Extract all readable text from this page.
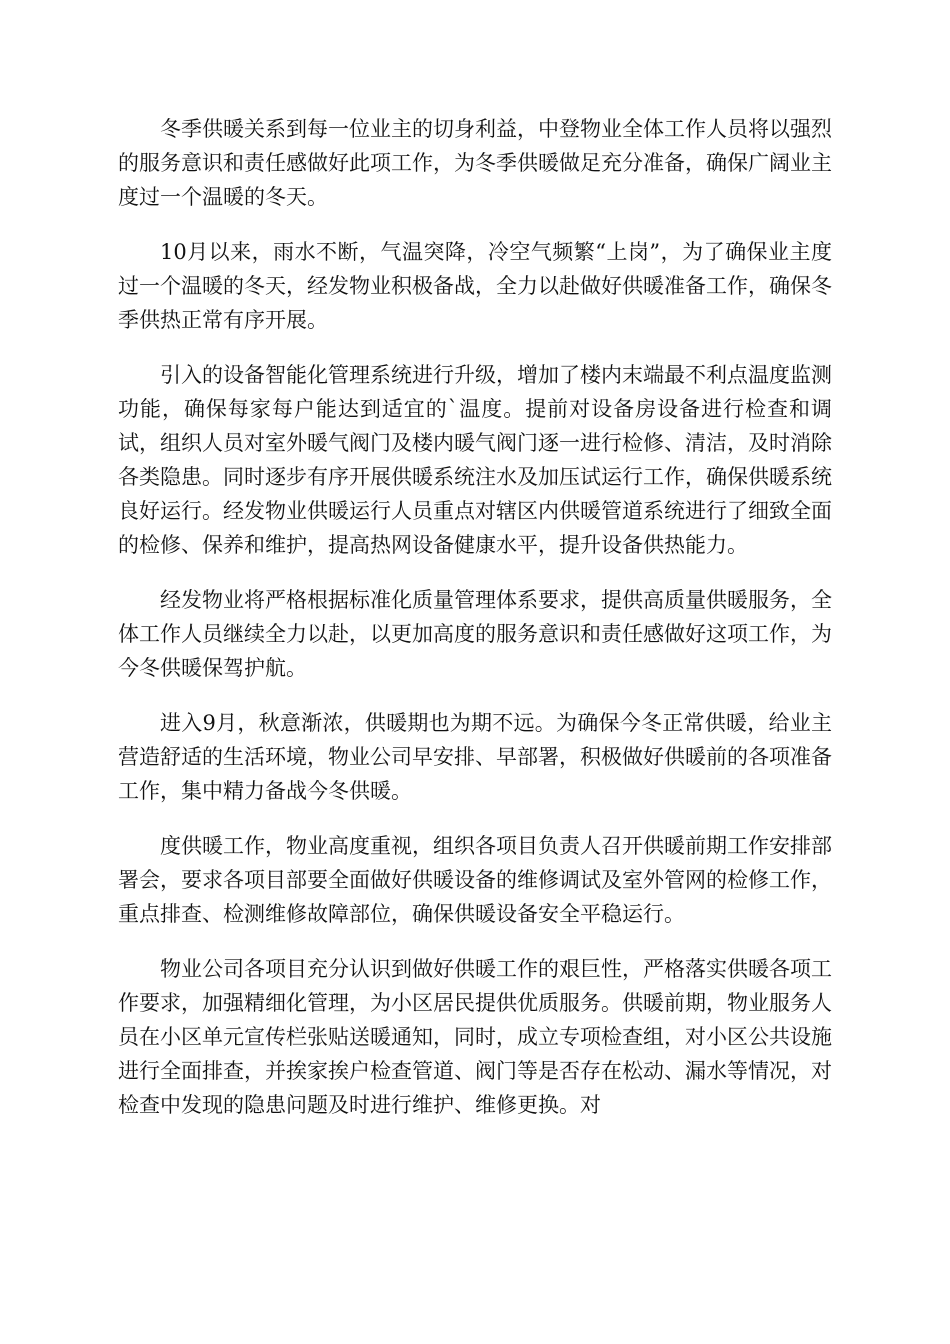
冬季供暖关系到每一位业主的切身利益，中登物业全体工作人员将以强烈的服务意识和责任感做好此项工作，为冬季供暖做足充分准备，确保广阔业主度过一个温暖的冬天。

10月以来，雨水不断，气温突降，冷空气频繁“上岗”，为了确保业主度过一个温暖的冬天，经发物业积极备战，全力以赴做好供暖准备工作，确保冬季供热正常有序开展。

引入的设备智能化管理系统进行升级，增加了楼内末端最不利点温度监测功能，确保每家每户能达到适宜的`温度。提前对设备房设备进行检查和调试，组织人员对室外暖气阀门及楼内暖气阀门逐一进行检修、清洁，及时消除各类隐患。同时逐步有序开展供暖系统注水及加压试运行工作，确保供暖系统良好运行。经发物业供暖运行人员重点对辖区内供暖管道系统进行了细致全面的检修、保养和维护，提高热网设备健康水平，提升设备供热能力。

经发物业将严格根据标准化质量管理体系要求，提供高质量供暖服务，全体工作人员继续全力以赴，以更加高度的服务意识和责任感做好这项工作，为今冬供暖保驾护航。

进入9月，秋意渐浓，供暖期也为期不远。为确保今冬正常供暖，给业主营造舒适的生活环境，物业公司早安排、早部署，积极做好供暖前的各项准备工作，集中精力备战今冬供暖。

度供暖工作，物业高度重视，组织各项目负责人召开供暖前期工作安排部署会，要求各项目部要全面做好供暖设备的维修调试及室外管网的检修工作，重点排查、检测维修故障部位，确保供暖设备安全平稳运行。

物业公司各项目充分认识到做好供暖工作的艰巨性，严格落实供暖各项工作要求，加强精细化管理，为小区居民提供优质服务。供暖前期，物业服务人员在小区单元宣传栏张贴送暖通知，同时，成立专项检查组，对小区公共设施进行全面排查，并挨家挨户检查管道、阀门等是否存在松动、漏水等情况，对检查中发现的隐患问题及时进行维护、维修更换。对
